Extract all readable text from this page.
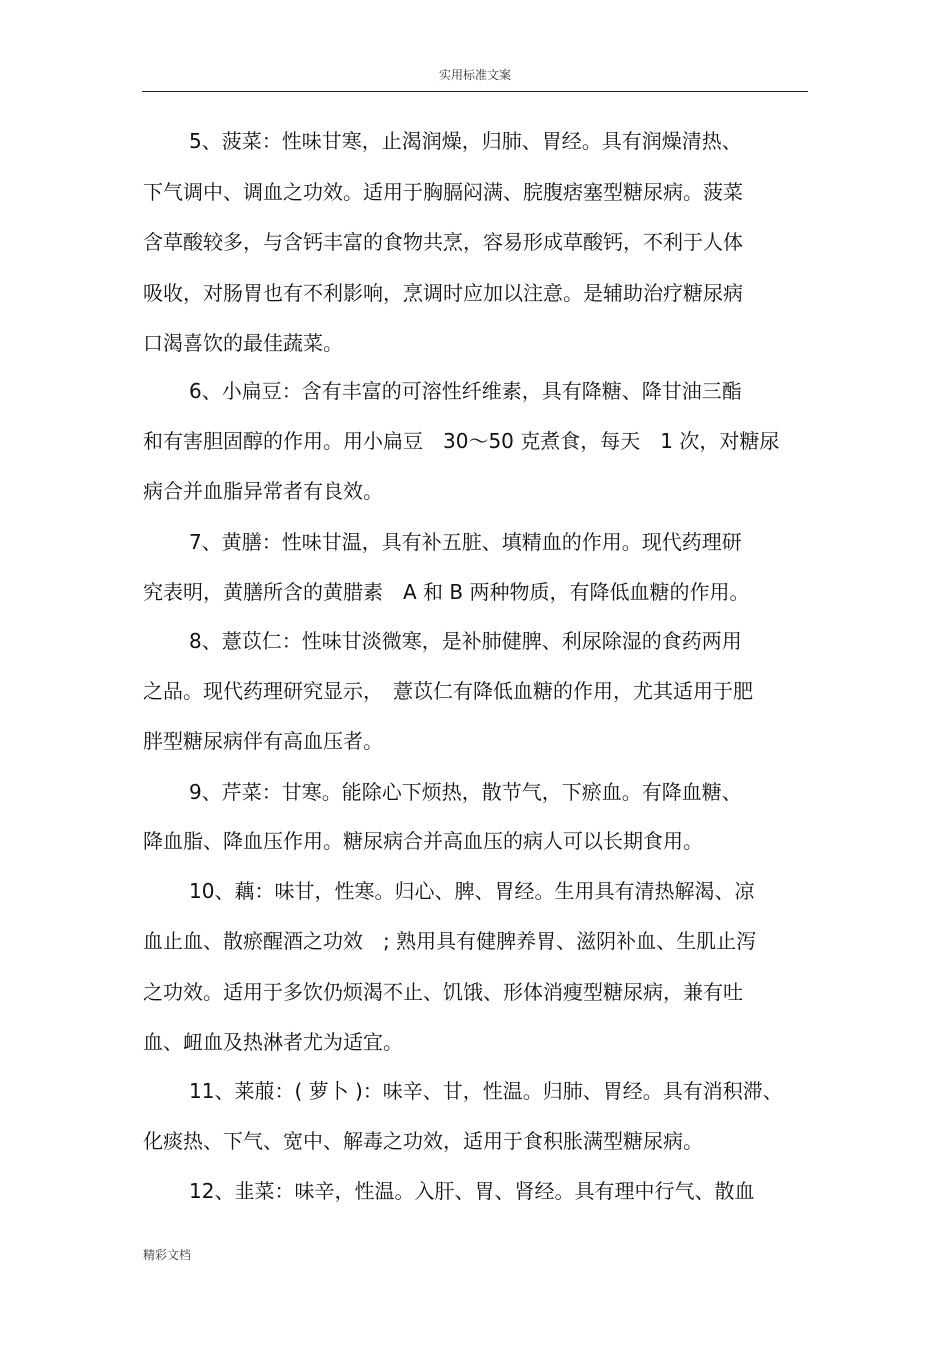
实用标准文案
5、菠菜：性味甘寒，止渴润燥，归肺、胃经。具有润燥清热、
下气调中、调血之功效。适用于胸膈闷满、脘腹痞塞型糖尿病。菠菜
含草酸较多，与含钙丰富的食物共烹，容易形成草酸钙，不利于人体
吸收，对肠胃也有不利影响，烹调时应加以注意。是辅助治疗糖尿病
口渴喜饮的最佳蔬菜。
6、小扁豆：含有丰富的可溶性纤维素，具有降糖、降甘油三酯
和有害胆固醇的作用。用小扁豆　30～50 克煮食，每天　1 次，对糖尿
病合并血脂异常者有良效。
7、黄膳：性味甘温，具有补五脏、填精血的作用。现代药理研
究表明，黄膳所含的黄腊素　A 和 B 两种物质，有降低血糖的作用。
8、薏苡仁：性味甘淡微寒，是补肺健脾、利尿除湿的食药两用
之品。现代药理研究显示，　薏苡仁有降低血糖的作用，尤其适用于肥
胖型糖尿病伴有高血压者。
9、芹菜：甘寒。能除心下烦热，散节气，下瘀血。有降血糖、
降血脂、降血压作用。糖尿病合并高血压的病人可以长期食用。
10、藕：味甘，性寒。归心、脾、胃经。生用具有清热解渴、凉
血止血、散瘀醒酒之功效　; 熟用具有健脾养胃、滋阴补血、生肌止泻
之功效。适用于多饮仍烦渴不止、饥饿、形体消瘦型糖尿病，兼有吐
血、衄血及热淋者尤为适宜。
11、莱菔：( 萝卜 )：味辛、甘，性温。归肺、胃经。具有消积滞、
化痰热、下气、宽中、解毒之功效，适用于食积胀满型糖尿病。
12、韭菜：味辛，性温。入肝、胃、肾经。具有理中行气、散血
精彩文档
